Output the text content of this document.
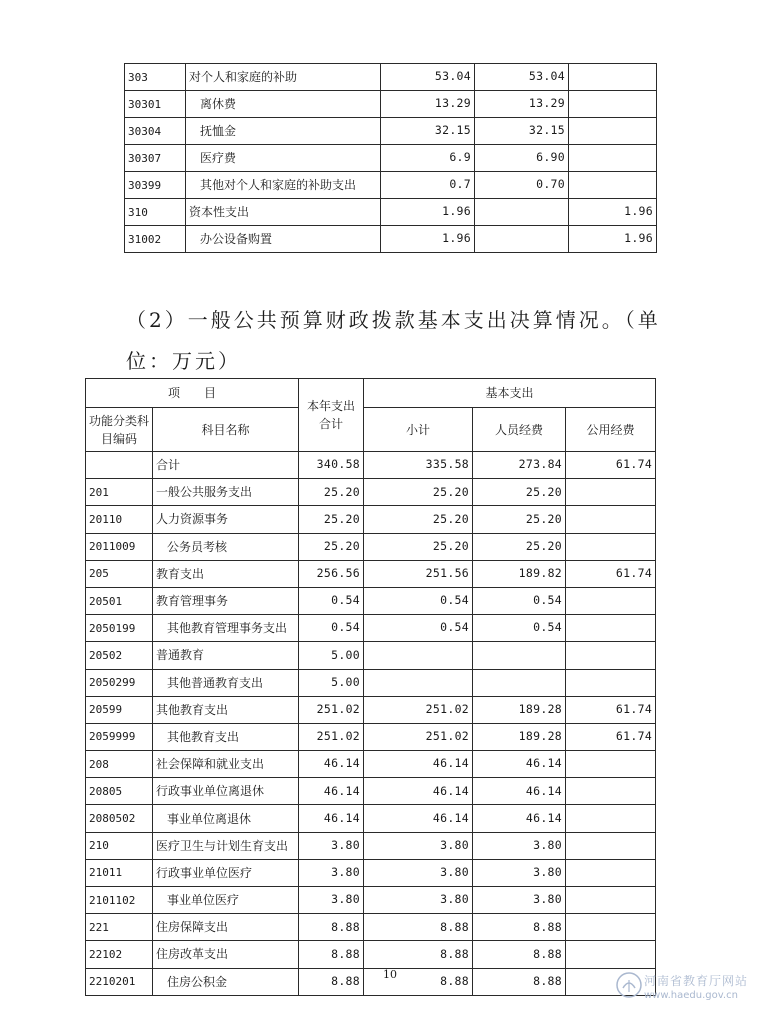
303	对个人和家庭的补助	53.04	53.04	
30301	离休费	13.29	13.29	
30304	抚恤金	32.15	32.15	
30307	医疗费	6.9	6.90	
30399	其他对个人和家庭的补助支出	0.7	0.70	
310	资本性支出	1.96		1.96
31002	办公设备购置	1.96		1.96
（2）一般公共预算财政拨款基本支出决算情况。（单位：万元）
项　　目		本年支出合计	基本支出		
功能分类科目编码	科目名称		小计	人员经费	公用经费
	合计	340.58	335.58	273.84	61.74
201	一般公共服务支出	25.20	25.20	25.20	
20110	人力资源事务	25.20	25.20	25.20	
2011009	公务员考核	25.20	25.20	25.20	
205	教育支出	256.56	251.56	189.82	61.74
20501	教育管理事务	0.54	0.54	0.54	
2050199	其他教育管理事务支出	0.54	0.54	0.54	
20502	普通教育	5.00			
2050299	其他普通教育支出	5.00			
20599	其他教育支出	251.02	251.02	189.28	61.74
2059999	其他教育支出	251.02	251.02	189.28	61.74
208	社会保障和就业支出	46.14	46.14	46.14	
20805	行政事业单位离退休	46.14	46.14	46.14	
2080502	事业单位离退休	46.14	46.14	46.14	
210	医疗卫生与计划生育支出	3.80	3.80	3.80	
21011	行政事业单位医疗	3.80	3.80	3.80	
2101102	事业单位医疗	3.80	3.80	3.80	
221	住房保障支出	8.88	8.88	8.88	
22102	住房改革支出	8.88	8.88	8.88	
2210201	住房公积金	8.88	8.88	8.88	
10	河南省教育厅网站
www.haedu.gov.cn
